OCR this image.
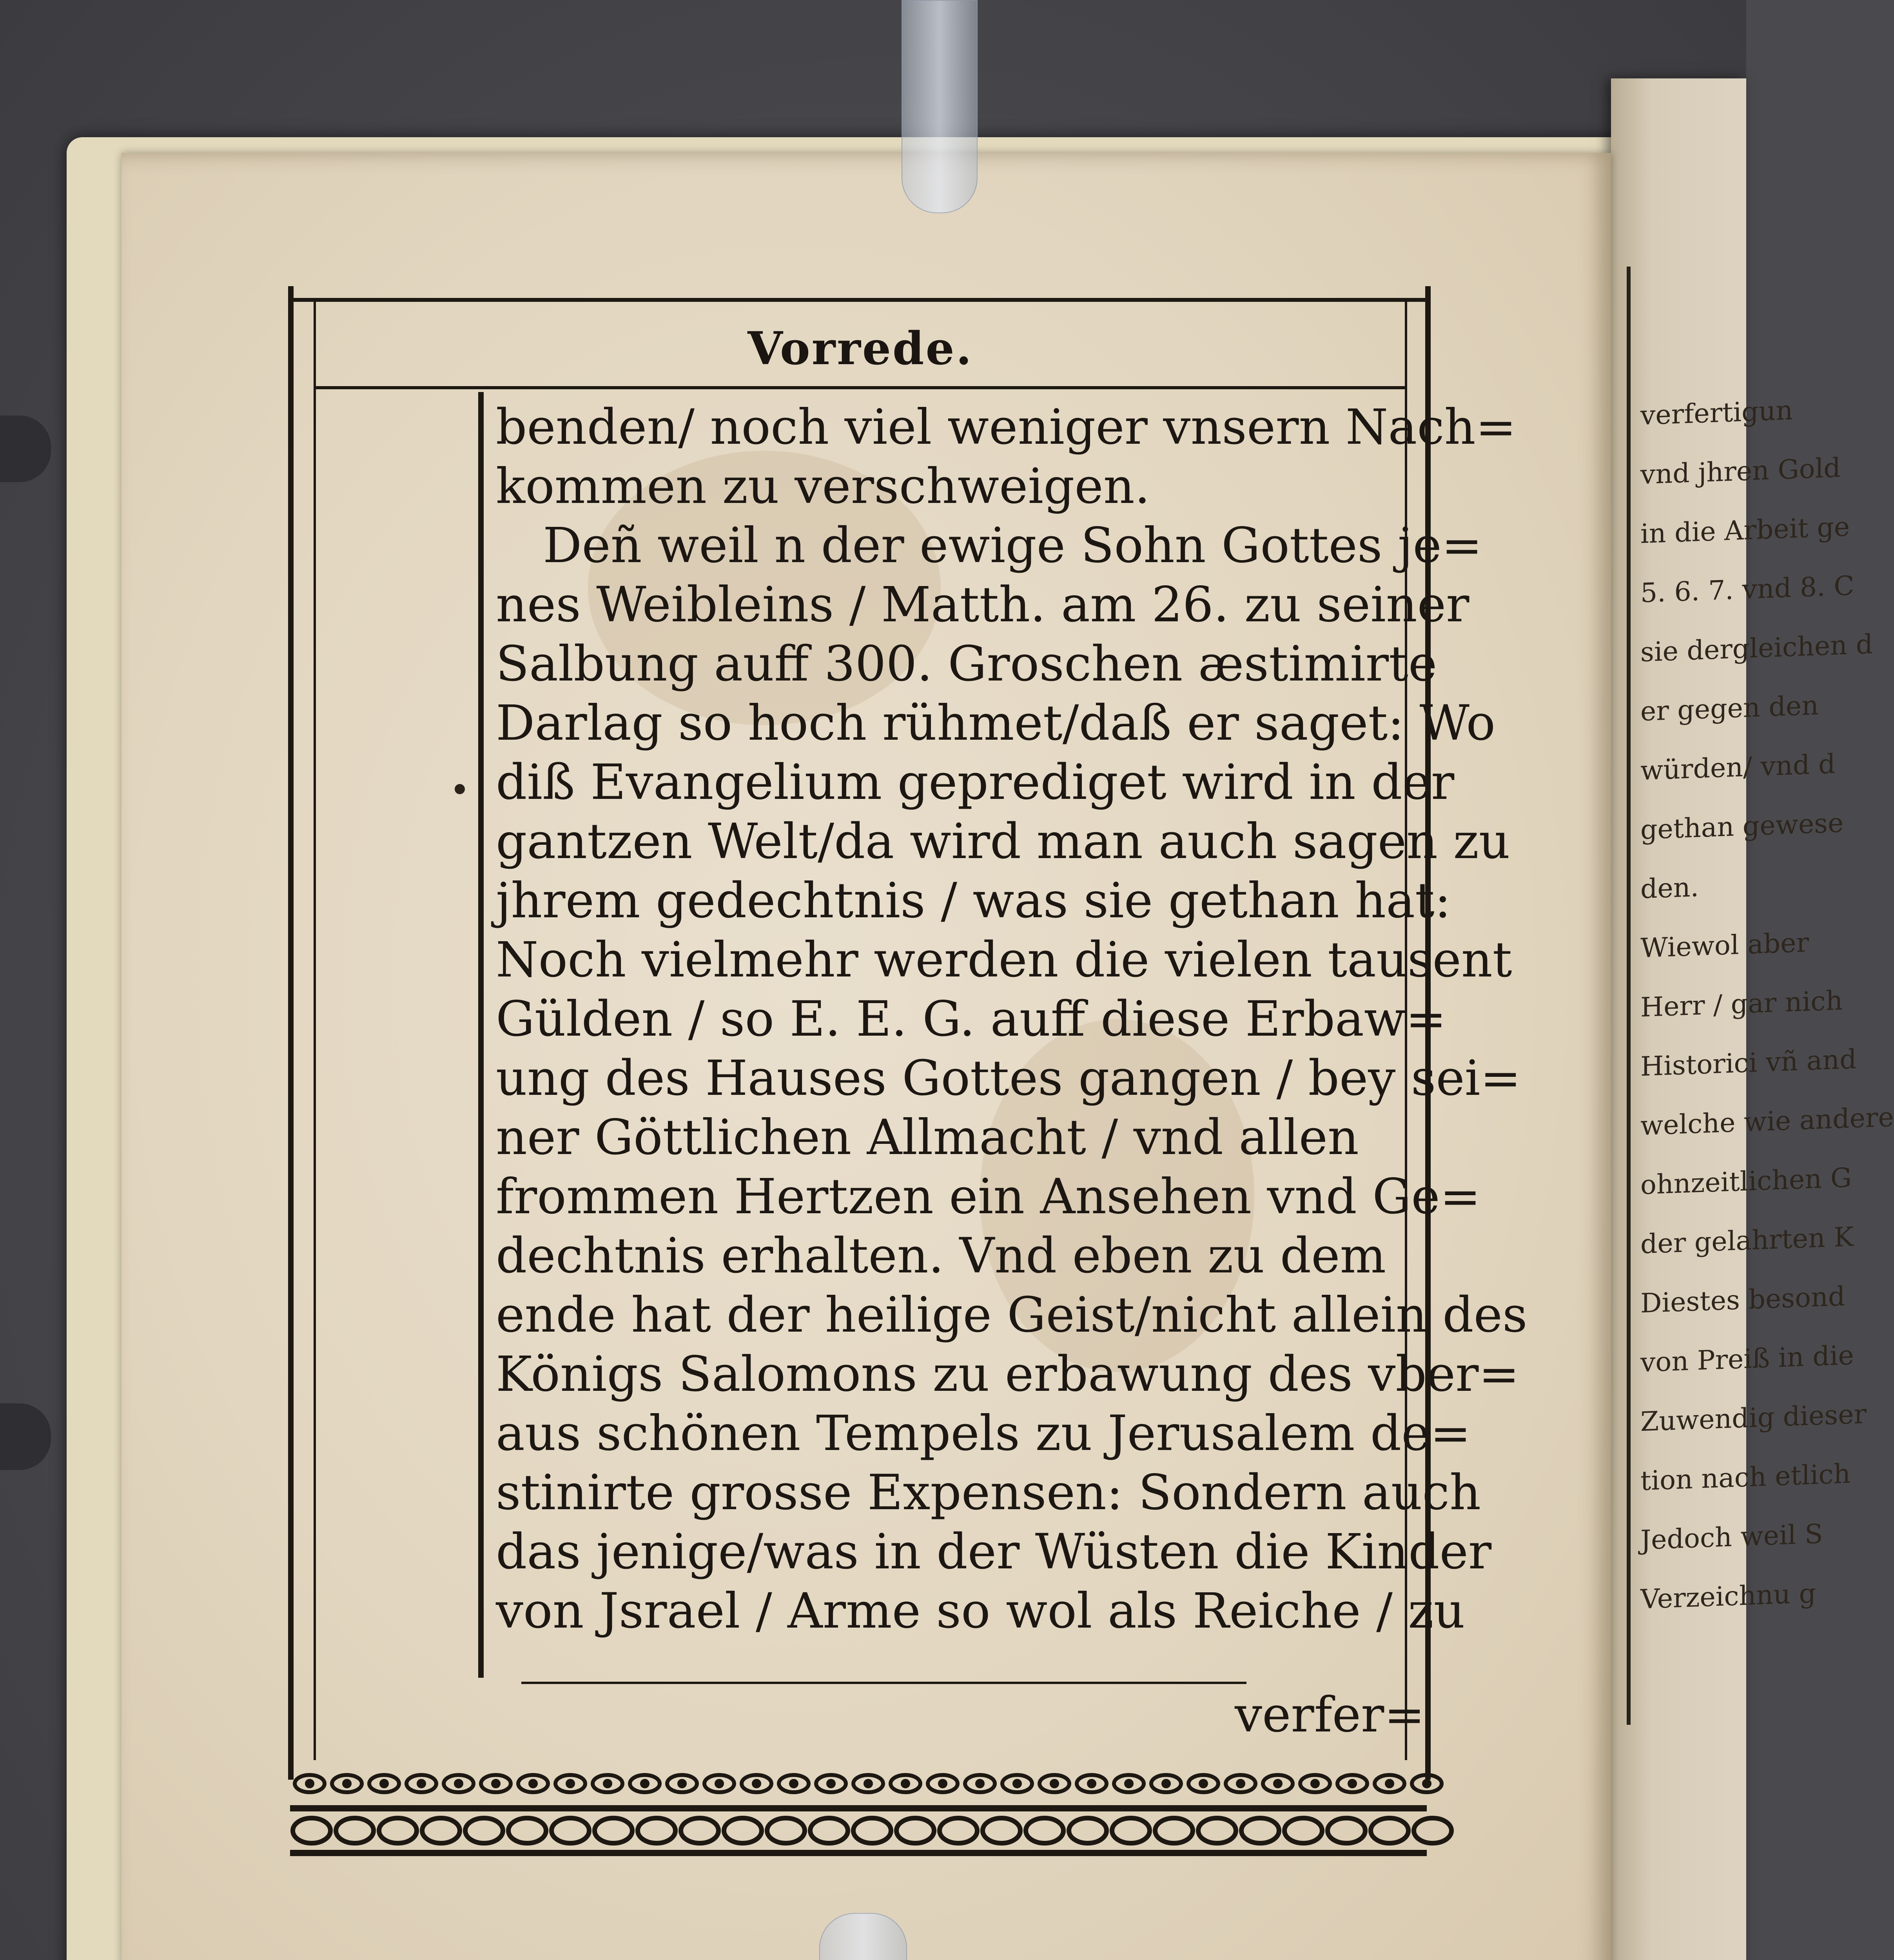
verfertigun
vnd jhren Gold
in die Arbeit ge
5. 6. 7. vnd 8. C
sie dergleichen d
er gegen den
würden/ vnd d
gethan gewese
den.
Wiewol aber
Herr / gar nich
Historici vñ and
welche wie andere
ohnzeitlichen G
der gelahrten K
Diestes besond
von Preiß in die
Zuwendig dieser
tion nach etlich
Jedoch weil S
Verzeichnu g
Vorrede.
benden/ noch viel weniger vnsern Nach=
kommen zu verschweigen.
Deñ weil n der ewige Sohn Gottes je=
nes Weibleins / Matth. am 26. zu seiner
Salbung auff 300. Groschen æstimirte
Darlag so hoch rühmet/daß er saget: Wo
diß Evangelium geprediget wird in der
gantzen Welt/da wird man auch sagen zu
jhrem gedechtnis / was sie gethan hat:
Noch vielmehr werden die vielen tausent
Gülden / so E. E. G. auff diese Erbaw=
ung des Hauses Gottes gangen / bey sei=
ner Göttlichen Allmacht / vnd allen
frommen Hertzen ein Ansehen vnd Ge=
dechtnis erhalten. Vnd eben zu dem
ende hat der heilige Geist/nicht allein des
Königs Salomons zu erbawung des vber=
aus schönen Tempels zu Jerusalem de=
stinirte grosse Expensen: Sondern auch
das jenige/was in der Wüsten die Kinder
von Jsrael / Arme so wol als Reiche / zu
verfer=
